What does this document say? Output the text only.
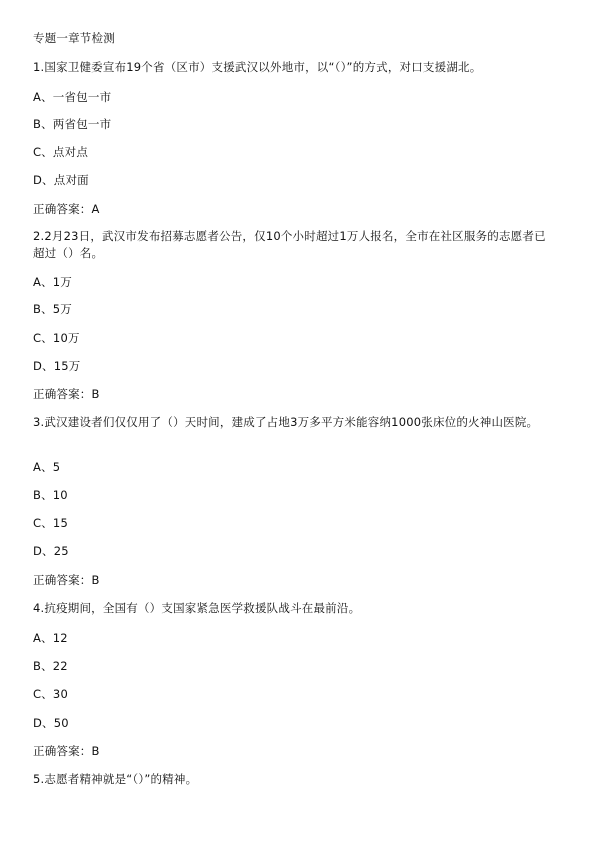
专题一章节检测
1.国家卫健委宣布19个省（区市）支援武汉以外地市，以“（）”的方式，对口支援湖北。
A、一省包一市
B、两省包一市
C、点对点
D、点对面
正确答案：A
2.2月23日，武汉市发布招募志愿者公告，仅10个小时超过1万人报名，全市在社区服务的志愿者已超过（）名。
A、1万
B、5万
C、10万
D、15万
正确答案：B
3.武汉建设者们仅仅用了（）天时间，建成了占地3万多平方米能容纳1000张床位的火神山医院。
A、5
B、10
C、15
D、25
正确答案：B
4.抗疫期间，全国有（）支国家紧急医学救援队战斗在最前沿。
A、12
B、22
C、30
D、50
正确答案：B
5.志愿者精神就是“（）”的精神。
